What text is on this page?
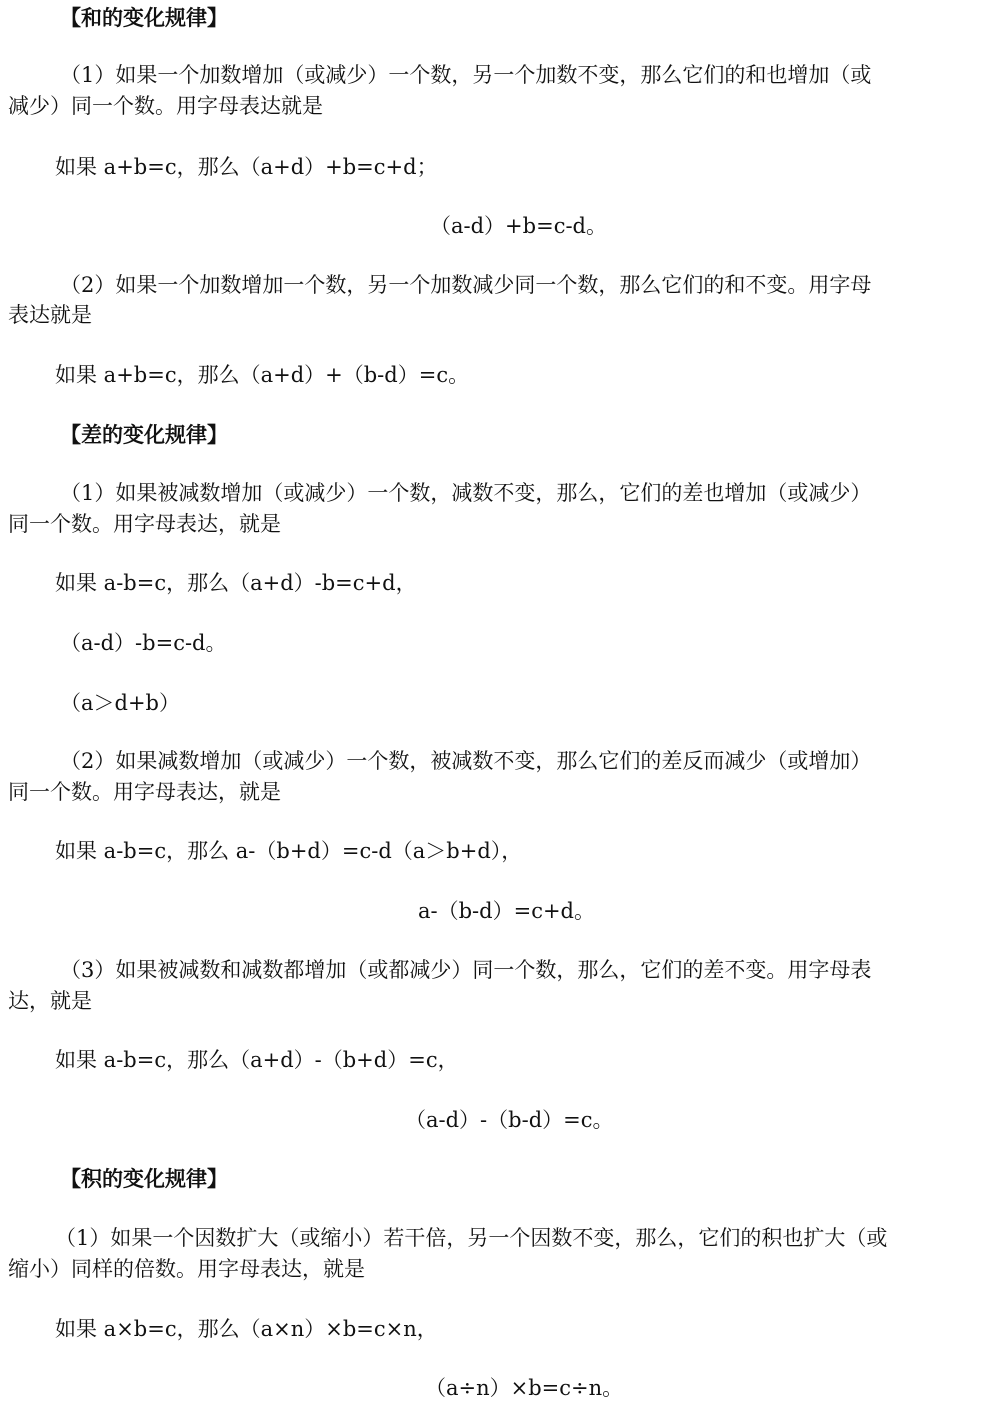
【和的变化规律】
（1）如果一个加数增加（或减少）一个数，另一个加数不变，那么它们的和也增加（或
减少）同一个数。用字母表达就是
如果 a+b=c，那么（a+d）+b=c+d；
（a-d）+b=c-d。
（2）如果一个加数增加一个数，另一个加数减少同一个数，那么它们的和不变。用字母
表达就是
如果 a+b=c，那么（a+d）+（b-d）=c。
【差的变化规律】
（1）如果被减数增加（或减少）一个数，减数不变，那么，它们的差也增加（或减少）
同一个数。用字母表达，就是
如果 a-b=c，那么（a+d）-b=c+d，
（a-d）-b=c-d。
（a＞d+b）
（2）如果减数增加（或减少）一个数，被减数不变，那么它们的差反而减少（或增加）
同一个数。用字母表达，就是
如果 a-b=c，那么 a-（b+d）=c-d（a＞b+d），
a-（b-d）=c+d。
（3）如果被减数和减数都增加（或都减少）同一个数，那么，它们的差不变。用字母表
达，就是
如果 a-b=c，那么（a+d）-（b+d）=c，
（a-d）-（b-d）=c。
【积的变化规律】
（1）如果一个因数扩大（或缩小）若干倍，另一个因数不变，那么，它们的积也扩大（或
缩小）同样的倍数。用字母表达，就是
如果 a×b=c，那么（a×n）×b=c×n，
（a÷n）×b=c÷n。
